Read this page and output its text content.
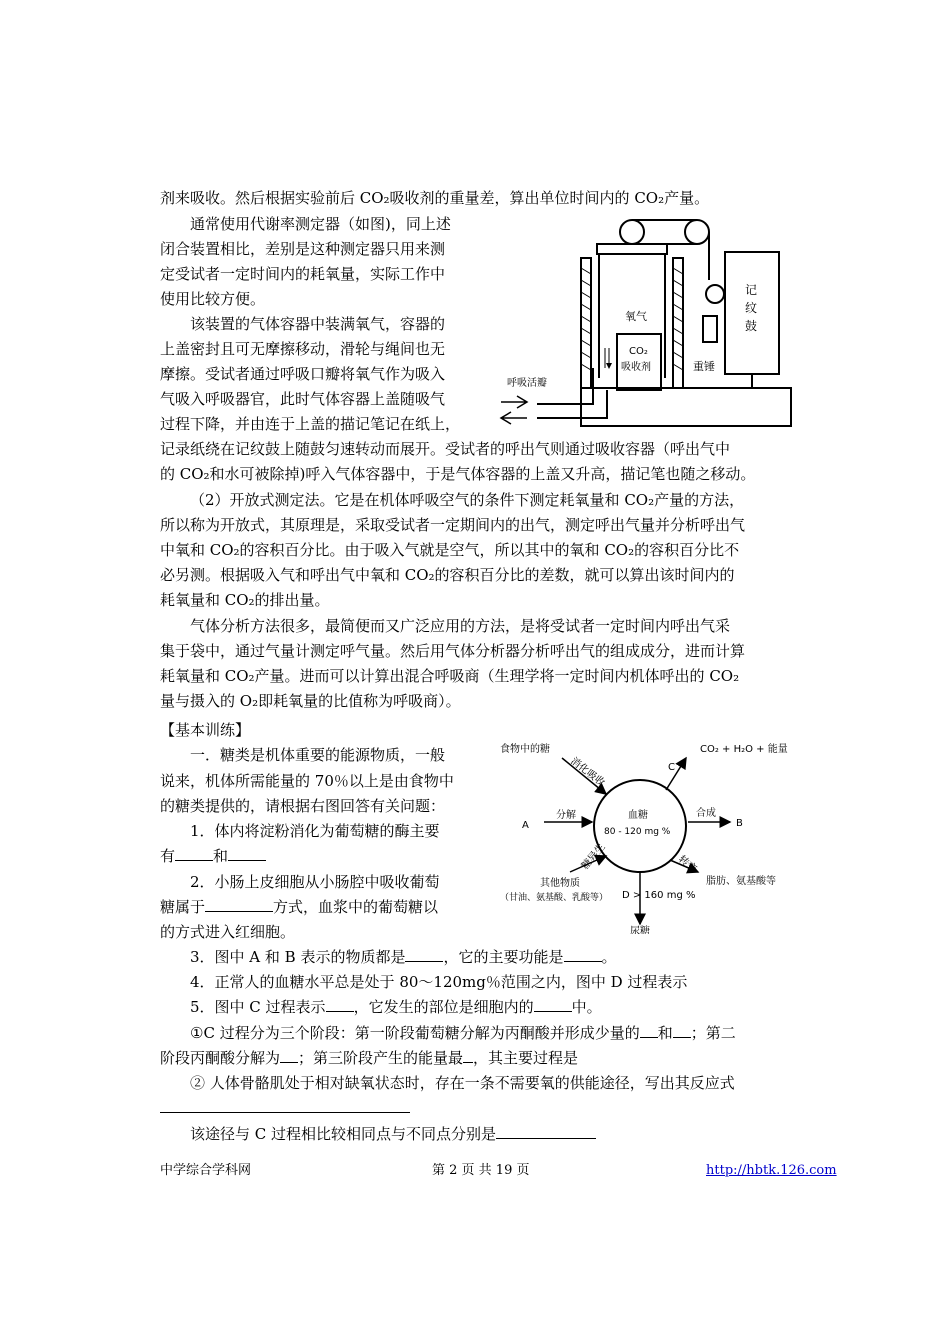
剂来吸收。然后根据实验前后 CO₂吸收剂的重量差，算出单位时间内的 CO₂产量。
通常使用代谢率测定器（如图)，同上述
闭合装置相比，差别是这种测定器只用来测
定受试者一定时间内的耗氧量，实际工作中
使用比较方便。
该装置的气体容器中装满氧气，容器的
上盖密封且可无摩擦移动，滑轮与绳间也无
摩擦。受试者通过呼吸口瓣将氧气作为吸入
气吸入呼吸器官，此时气体容器上盖随吸气
过程下降，并由连于上盖的描记笔记在纸上，
记录纸绕在记纹鼓上随鼓匀速转动而展开。受试者的呼出气则通过吸收容器（呼出气中
的 CO₂和水可被除掉)呼入气体容器中，于是气体容器的上盖又升高，描记笔也随之移动。
（2）开放式测定法。它是在机体呼吸空气的条件下测定耗氧量和 CO₂产量的方法，
所以称为开放式，其原理是，采取受试者一定期间内的出气，测定呼出气量并分析呼出气
中氧和 CO₂的容积百分比。由于吸入气就是空气，所以其中的氧和 CO₂的容积百分比不
必另测。根据吸入气和呼出气中氧和 CO₂的容积百分比的差数，就可以算出该时间内的
耗氧量和 CO₂的排出量。
气体分析方法很多，最简便而又广泛应用的方法，是将受试者一定时间内呼出气采
集于袋中，通过气量计测定呼气量。然后用气体分析器分析呼出气的组成成分，进而计算
耗氧量和 CO₂产量。进而可以计算出混合呼吸商（生理学将一定时间内机体呼出的 CO₂
量与摄入的 O₂即耗氧量的比值称为呼吸商）。
氧气
CO₂
吸收剂	重锤
记
纹
鼓
呼吸活瓣
【基本训练】
一．糖类是机体重要的能源物质，一般
说来，机体所需能量的 70％以上是由食物中
的糖类提供的，请根据右图回答有关问题：
1．体内将淀粉消化为葡萄糖的酶主要
有	和
2．小肠上皮细胞从小肠腔中吸收葡萄
糖属于	方式，血浆中的葡萄糖以
的方式进入红细胞。
3．图中 A 和 B 表示的物质都是	，它的主要功能是	。
4．正常人的血糖水平总是处于 80～120mg％范围之内，图中 D 过程表示
5．图中 C 过程表示 ，它发生的部位是细胞内的	中。
①C 过程分为三个阶段：第一阶段葡萄糖分解为丙酮酸并形成少量的 和 ；第二
阶段丙酮酸分解为 ；第三阶段产生的能量最 ，其主要过程是
② 人体骨骼肌处于相对缺氧状态时，存在一条不需要氧的供能途径，写出其反应式
该途径与 C 过程相比较相同点与不同点分别是
食物中的糖
消化吸收	C
CO₂ + H₂O + 能量
A
分解	血糖
80 - 120 mg %
合成
B
其他物质
（甘油、氨基酸、乳酸等）
糖异生	转变
脂肪、氨基酸等
D > 160 mg %
尿糖
中学综合学科网	第 2 页 共 19 页	http://hbtk.126.com
